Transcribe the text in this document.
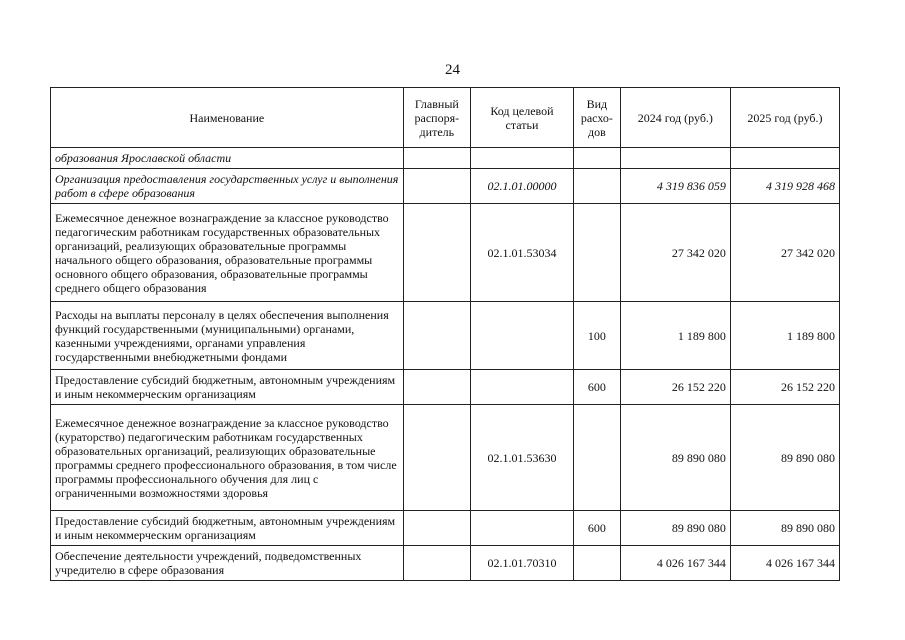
24
Наименование	Главный распоря-дитель	Код целевой статьи	Вид расхо-дов	2024 год (руб.)	2025 год (руб.)
образования Ярославской области					
Организация предоставления государственных услуг и выполнения работ в сфере образования		02.1.01.00000		4 319 836 059	4 319 928 468
Ежемесячное денежное вознаграждение за классное руководство педагогическим работникам государственных образовательных организаций, реализующих образовательные программы начального общего образования, образовательные программы основного общего образования, образовательные программы среднего общего образования		02.1.01.53034		27 342 020	27 342 020
Расходы на выплаты персоналу в целях обеспечения выполнения функций государственными (муниципальными) органами, казенными учреждениями, органами управления государственными внебюджетными фондами			100	1 189 800	1 189 800
Предоставление субсидий бюджетным, автономным учреждениям и иным некоммерческим организациям			600	26 152 220	26 152 220
Ежемесячное денежное вознаграждение за классное руководство (кураторство) педагогическим работникам государственных образовательных организаций, реализующих образовательные программы среднего профессионального образования, в том числе программы профессионального обучения для лиц с ограниченными возможностями здоровья		02.1.01.53630		89 890 080	89 890 080
Предоставление субсидий бюджетным, автономным учреждениям и иным некоммерческим организациям			600	89 890 080	89 890 080
Обеспечение деятельности учреждений, подведомственных учредителю в сфере образования		02.1.01.70310		4 026 167 344	4 026 167 344
